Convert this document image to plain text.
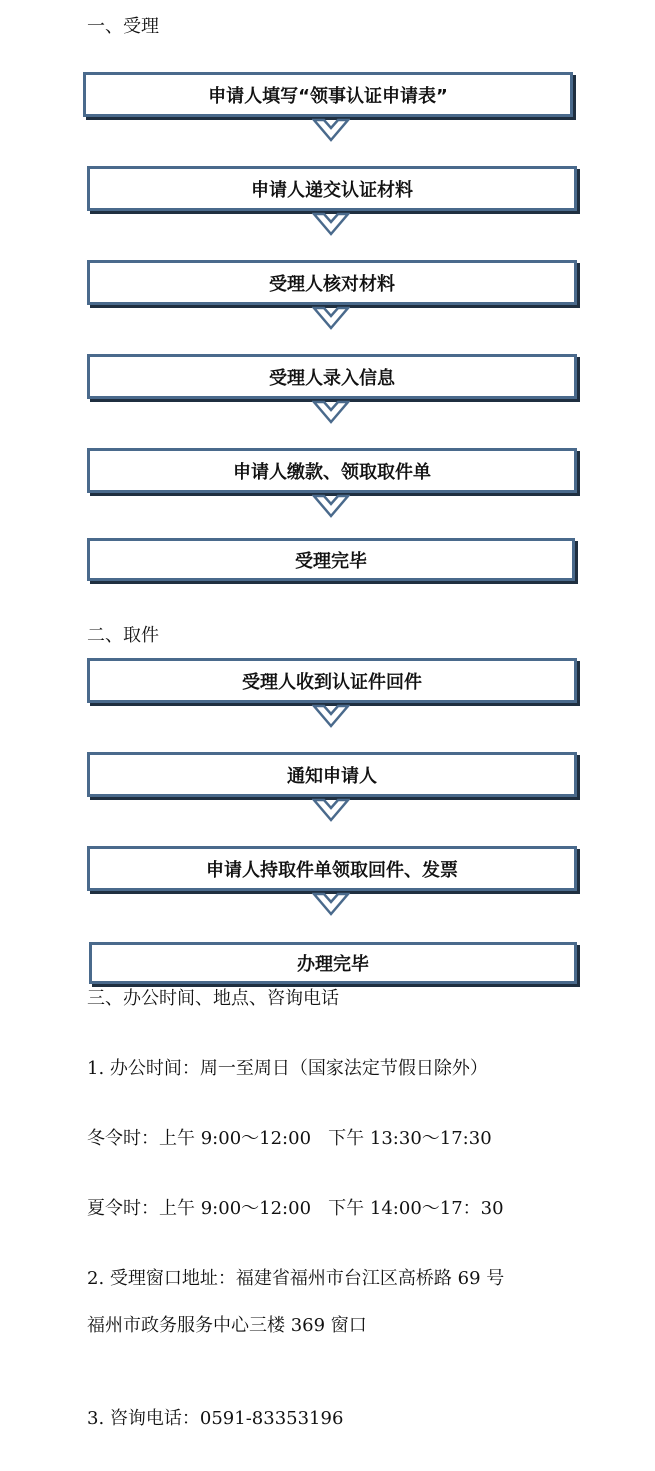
一、受理
申请人填写“领事认证申请表”
申请人递交认证材料
受理人核对材料
受理人录入信息
申请人缴款、领取取件单
受理完毕
二、取件
受理人收到认证件回件
通知申请人
申请人持取件单领取回件、发票
办理完毕
三、办公时间、地点、咨询电话
1. 办公时间：周一至周日（国家法定节假日除外）
冬令时：上午 9:00～12:00   下午 13:30～17:30
夏令时：上午 9:00～12:00   下午 14:00～17：30
2. 受理窗口地址：福建省福州市台江区高桥路 69 号
福州市政务服务中心三楼 369 窗口
3. 咨询电话：0591-83353196
